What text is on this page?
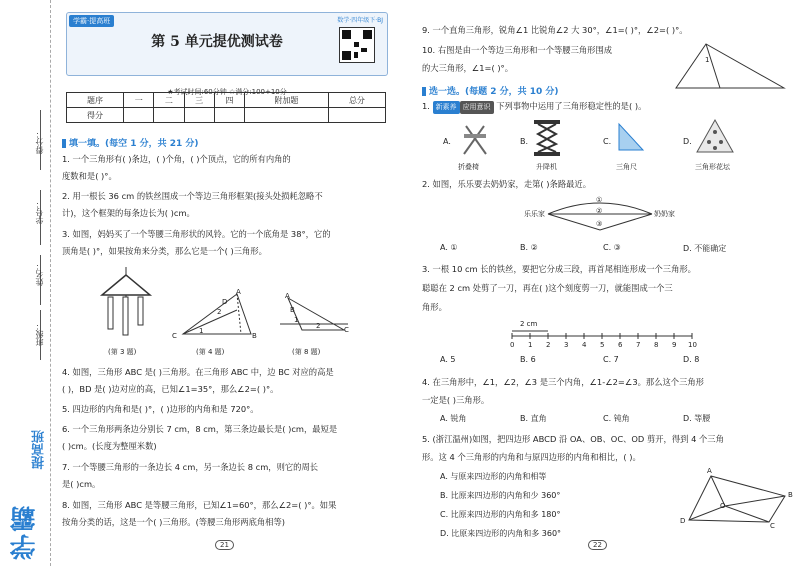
得分：
学号：
姓名：
班级：
学霸
提高班
学霸·提高班	数学·四年级下·BJ
第 5 单元提优测试卷
★考试时间:60分钟 ☆满分:100+10分
题序	一	二	三	四	附加题	总分
得分						
填一填。(每空 1 分，共 21 分)
1. 一个三角形有( )条边，( )个角，( )个顶点，它的所有内角的
度数和是( )°。
2. 用一根长 36 cm 的铁丝围成一个等边三角形框架(接头处损耗忽略不
计)，这个框架的每条边长为( )cm。
3. 如图，妈妈买了一个等腰三角形状的风铃。它的一个底角是 38°，它的
顶角是( )°，如果按角来分类，那么它是一个( )三角形。
A
D
2
1
C	B
A
B
1
2	C
(第 3 题)	(第 4 题)	(第 8 题)
4. 如图，三角形 ABC 是( )三角形。在三角形 ABC 中，边 BC 对应的高是
( )，BD 是( )边对应的高，已知∠1=35°，那么∠2=( )°。
5. 四边形的内角和是( )°，( )边形的内角和是 720°。
6. 一个三角形两条边分别长 7 cm，8 cm，第三条边最长是( )cm，最短是
( )cm。(长度为整厘米数)
7. 一个等腰三角形的一条边长 4 cm，另一条边长 8 cm，则它的周长
是( )cm。
8. 如图，三角形 ABC 是等腰三角形，已知∠1=60°，那么∠2=( )°。如果
按角分类的话，这是一个( )三角形。(等腰三角形两底角相等)
21
9. 一个直角三角形，锐角∠1 比锐角∠2 大 30°，∠1=( )°，∠2=( )°。
10. 右图是由一个等边三角形和一个等腰三角形围成
的大三角形，∠1=( )°。
1
选一选。(每题 2 分，共 10 分)
1. 新素养 应用意识 下列事物中运用了三角形稳定性的是( )。
A.	B.	C.	D.
折叠椅	升降机	三角尺	三角形花坛
2. 如图，乐乐要去奶奶家，走第( )条路最近。
乐乐家	奶奶家
①
②
③
A. ①	B. ②	C. ③	D. 不能确定
3. 一根 10 cm 长的铁丝，要把它分成三段，再首尾相连形成一个三角形。
聪聪在 2 cm 处剪了一刀，再在( )这个刻度剪一刀，就能围成一个三
角形。
2 cm
0 1 2 3 4 5 6 7 8 9 10
A. 5	B. 6	C. 7	D. 8
4. 在三角形中，∠1，∠2，∠3 是三个内角，∠1-∠2=∠3。那么这个三角形
一定是( )三角形。
A. 锐角	B. 直角	C. 钝角	D. 等腰
5. (浙江温州)如图，把四边形 ABCD 沿 OA、OB、OC、OD 剪开，得到 4 个三角
形。这 4 个三角形的内角和与原四边形的内角和相比，( )。
A. 与原来四边形的内角和相等
B. 比原来四边形的内角和少 360°
C. 比原来四边形的内角和多 180°
D. 比原来四边形的内角和多 360°
A
B
C
D
O
22
